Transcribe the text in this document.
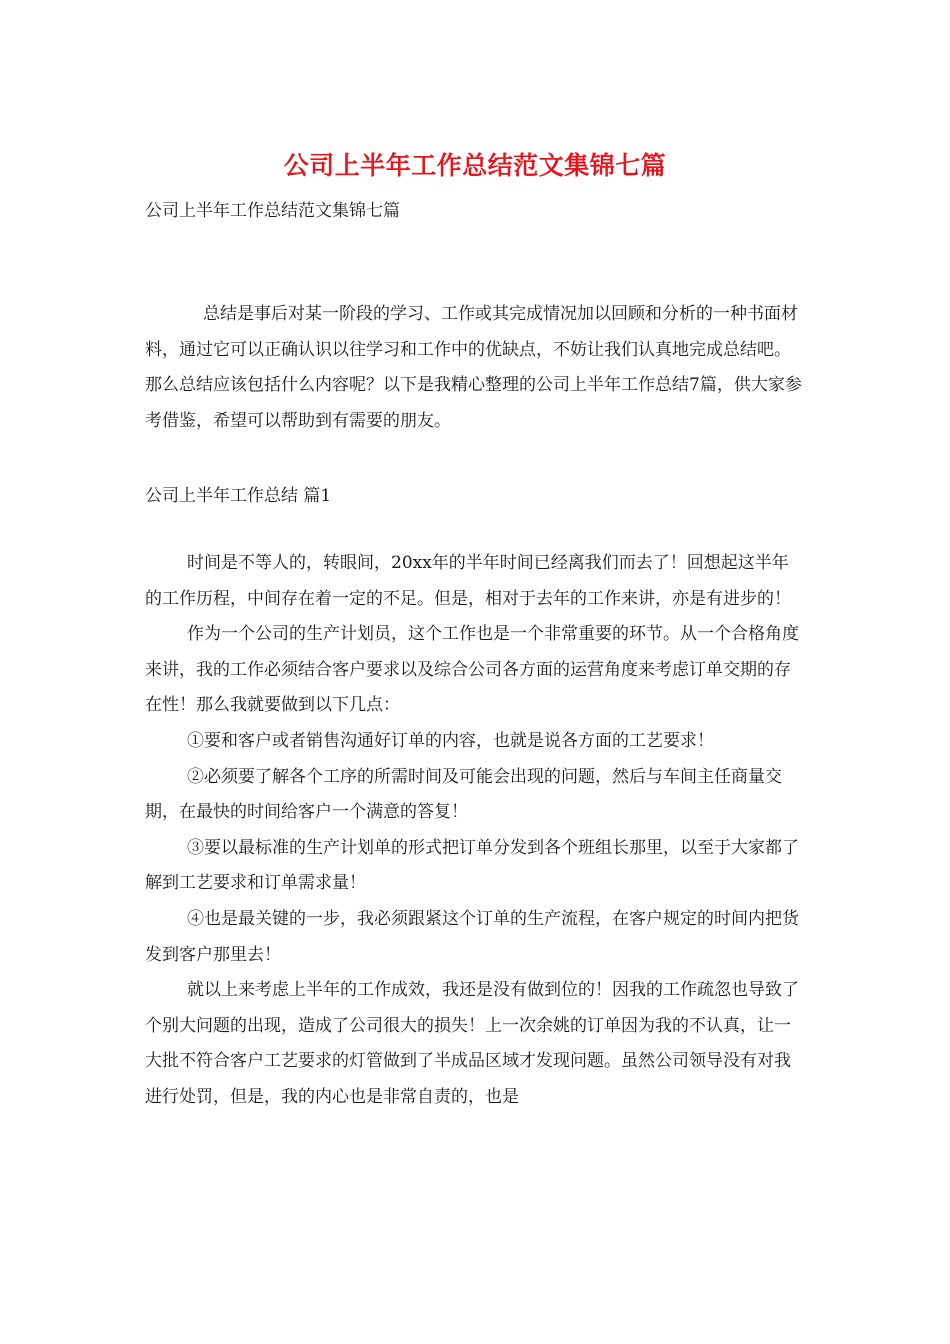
公司上半年工作总结范文集锦七篇

公司上半年工作总结范文集锦七篇

总结是事后对某一阶段的学习、工作或其完成情况加以回顾和分析的一种书面材料，通过它可以正确认识以往学习和工作中的优缺点，不妨让我们认真地完成总结吧。那么总结应该包括什么内容呢？以下是我精心整理的公司上半年工作总结7篇，供大家参考借鉴，希望可以帮助到有需要的朋友。

公司上半年工作总结 篇1

时间是不等人的，转眼间，20xx年的半年时间已经离我们而去了！回想起这半年的工作历程，中间存在着一定的不足。但是，相对于去年的工作来讲，亦是有进步的！

作为一个公司的生产计划员，这个工作也是一个非常重要的环节。从一个合格角度来讲，我的工作必须结合客户要求以及综合公司各方面的运营角度来考虑订单交期的存在性！那么我就要做到以下几点：

①要和客户或者销售沟通好订单的内容，也就是说各方面的工艺要求！

②必须要了解各个工序的所需时间及可能会出现的问题，然后与车间主任商量交期，在最快的时间给客户一个满意的答复！

③要以最标准的生产计划单的形式把订单分发到各个班组长那里，以至于大家都了解到工艺要求和订单需求量！

④也是最关键的一步，我必须跟紧这个订单的生产流程，在客户规定的时间内把货发到客户那里去！

就以上来考虑上半年的工作成效，我还是没有做到位的！因我的工作疏忽也导致了个别大问题的出现，造成了公司很大的损失！上一次余姚的订单因为我的不认真，让一大批不符合客户工艺要求的灯管做到了半成品区域才发现问题。虽然公司领导没有对我进行处罚，但是，我的内心也是非常自责的，也是
